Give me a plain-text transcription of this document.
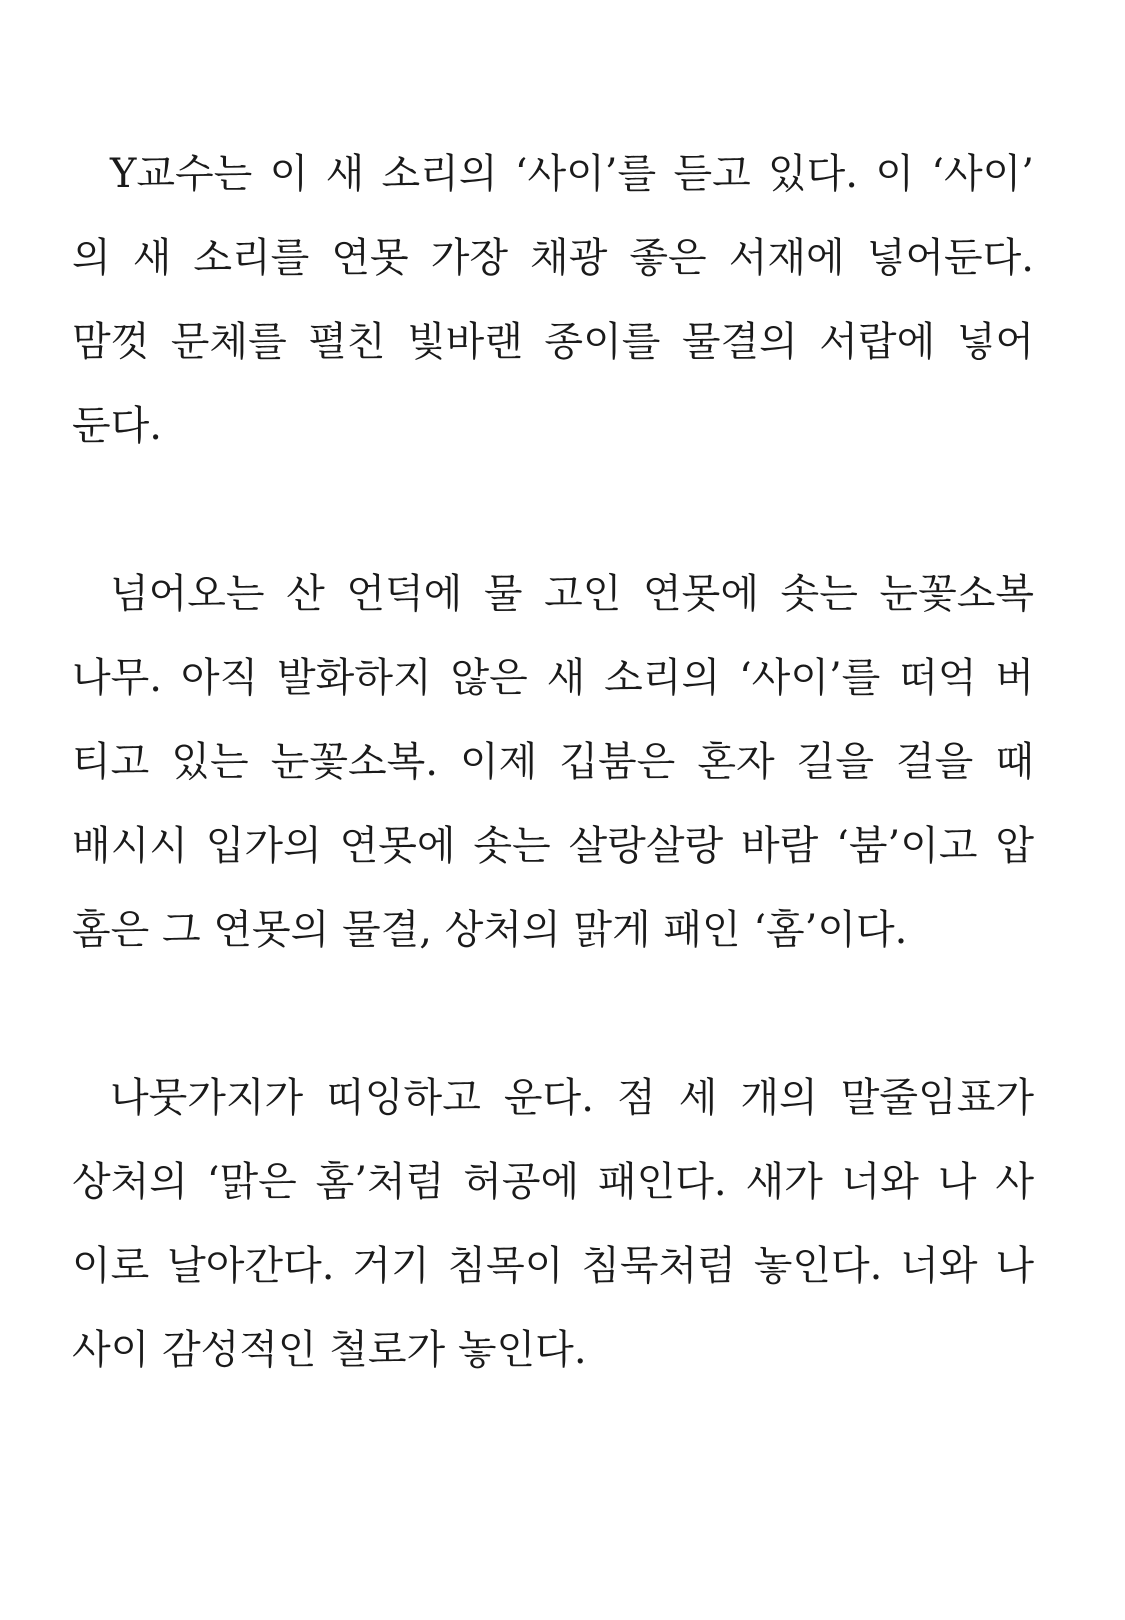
Y교수는 이 새 소리의 ‘사이’를 듣고 있다. 이 ‘사이’
의 새 소리를 연못 가장 채광 좋은 서재에 넣어둔다.
맘껏 문체를 펼친 빛바랜 종이를 물결의 서랍에 넣어
둔다.
넘어오는 산 언덕에 물 고인 연못에 솟는 눈꽃소복
나무. 아직 발화하지 않은 새 소리의 ‘사이’를 떠억 버
티고 있는 눈꽃소복. 이제 깁붐은 혼자 길을 걸을 때
배시시 입가의 연못에 솟는 살랑살랑 바람 ‘붐’이고 압
홈은 그 연못의 물결, 상처의 맑게 패인 ‘홈’이다.
나뭇가지가 띠잉하고 운다. 점 세 개의 말줄임표가
상처의 ‘맑은 홈’처럼 허공에 패인다. 새가 너와 나 사
이로 날아간다. 거기 침목이 침묵처럼 놓인다. 너와 나
사이 감성적인 철로가 놓인다.
